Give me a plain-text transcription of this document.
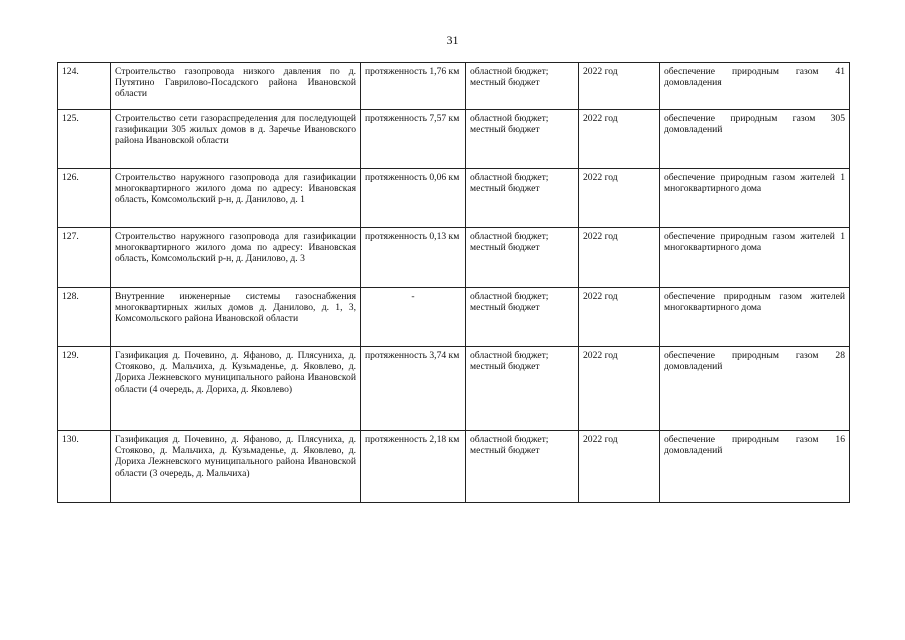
31
124.	Строительство газопровода низкого давления по д. Путятино Гаврилово-Посадского района Ивановской области	протяженность 1,76 км	областной бюджет; местный бюджет	2022 год	обеспечение природным газом 41 домовладения
125.	Строительство сети газораспределения для последующей газификации 305 жилых домов в д. Заречье Ивановского района Ивановской области	протяженность 7,57 км	областной бюджет; местный бюджет	2022 год	обеспечение природным газом 305 домовладений
126.	Строительство наружного газопровода для газификации многоквартирного жилого дома по адресу: Ивановская область, Комсомольский р-н, д. Даниловo, д. 1	протяженность 0,06 км	областной бюджет; местный бюджет	2022 год	обеспечение природным газом жителей 1 многоквартирного дома
127.	Строительство наружного газопровода для газификации многоквартирного жилого дома по адресу: Ивановская область, Комсомольский р-н, д. Данилово, д. 3	протяженность 0,13 км	областной бюджет; местный бюджет	2022 год	обеспечение природным газом жителей 1 многоквартирного дома
128.	Внутренние инженерные системы газоснабжения многоквартирных жилых домов д. Данилово, д. 1, 3, Комсомольского района Ивановской области	-	областной бюджет; местный бюджет	2022 год	обеспечение природным газом жителей многоквартирного дома
129.	Газификация д. Почевино, д. Яфаново, д. Плясуниха, д. Стояково, д. Мальчиха, д. Кузьмаденье, д. Яковлево, д. Дориха Лежневского муниципального района Ивановской области (4 очередь, д. Дориха, д. Яковлево)	протяженность 3,74 км	областной бюджет; местный бюджет	2022 год	обеспечение природным газом 28 домовладений
130.	Газификация д. Почевино, д. Яфаново, д. Плясуниха, д. Стояково, д. Мальчиха, д. Кузьмаденье, д. Яковлево, д. Дориха Лежневского муниципального района Ивановской области (3 очередь, д. Мальчиха)	протяженность 2,18 км	областной бюджет; местный бюджет	2022 год	обеспечение природным газом 16 домовладений
